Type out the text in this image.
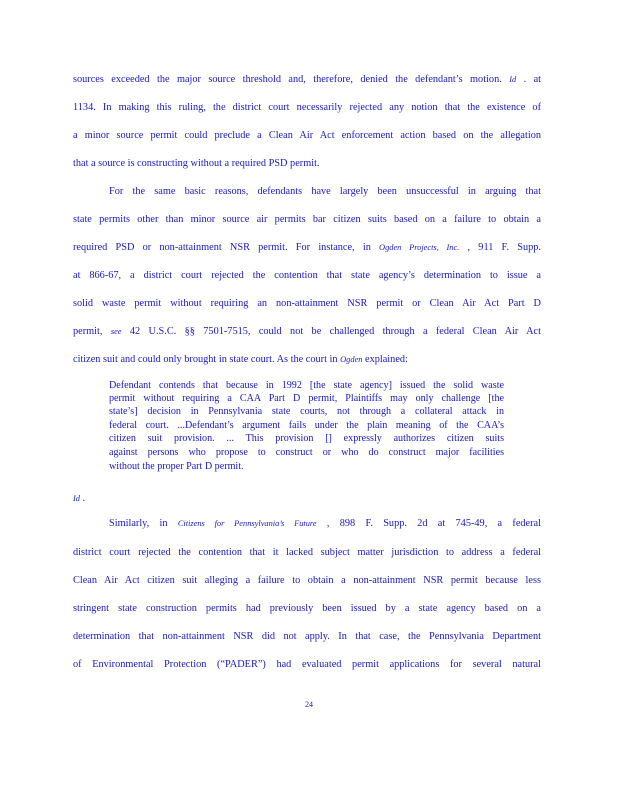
sources exceeded the major source threshold and, therefore, denied the defendant’s motion. Id . at
1134. In making this ruling, the district court necessarily rejected any notion that the existence of
a minor source permit could preclude a Clean Air Act enforcement action based on the allegation
that a source is constructing without a required PSD permit.
For the same basic reasons, defendants have largely been unsuccessful in arguing that
state permits other than minor source air permits bar citizen suits based on a failure to obtain a
required PSD or non-attainment NSR permit. For instance, in Ogden Projects, Inc. , 911 F. Supp.
at 866-67, a district court rejected the contention that state agency’s determination to issue a
solid waste permit without requiring an non-attainment NSR permit or Clean Air Act Part D
permit, see 42 U.S.C. §§ 7501-7515, could not be challenged through a federal Clean Air Act
citizen suit and could only brought in state court. As the court in Ogden explained:
Defendant contends that because in 1992 [the state agency] issued the solid waste
permit without requiring a CAA Part D permit, Plaintiffs may only challenge [the
state’s] decision in Pennsylvania state courts, not through a collateral attack in
federal court. ...Defendant’s argument fails under the plain meaning of the CAA’s
citizen suit provision. ... This provision [] expressly authorizes citizen suits
against persons who propose to construct or who do construct major facilities
without the proper Part D permit.
Id .
Similarly, in Citizens for Pennsylvania’s Future , 898 F. Supp. 2d at 745-49, a federal
district court rejected the contention that it lacked subject matter jurisdiction to address a federal
Clean Air Act citizen suit alleging a failure to obtain a non-attainment NSR permit because less
stringent state construction permits had previously been issued by a state agency based on a
determination that non-attainment NSR did not apply. In that case, the Pennsylvania Department
of Environmental Protection (“PADER”) had evaluated permit applications for several natural
24
